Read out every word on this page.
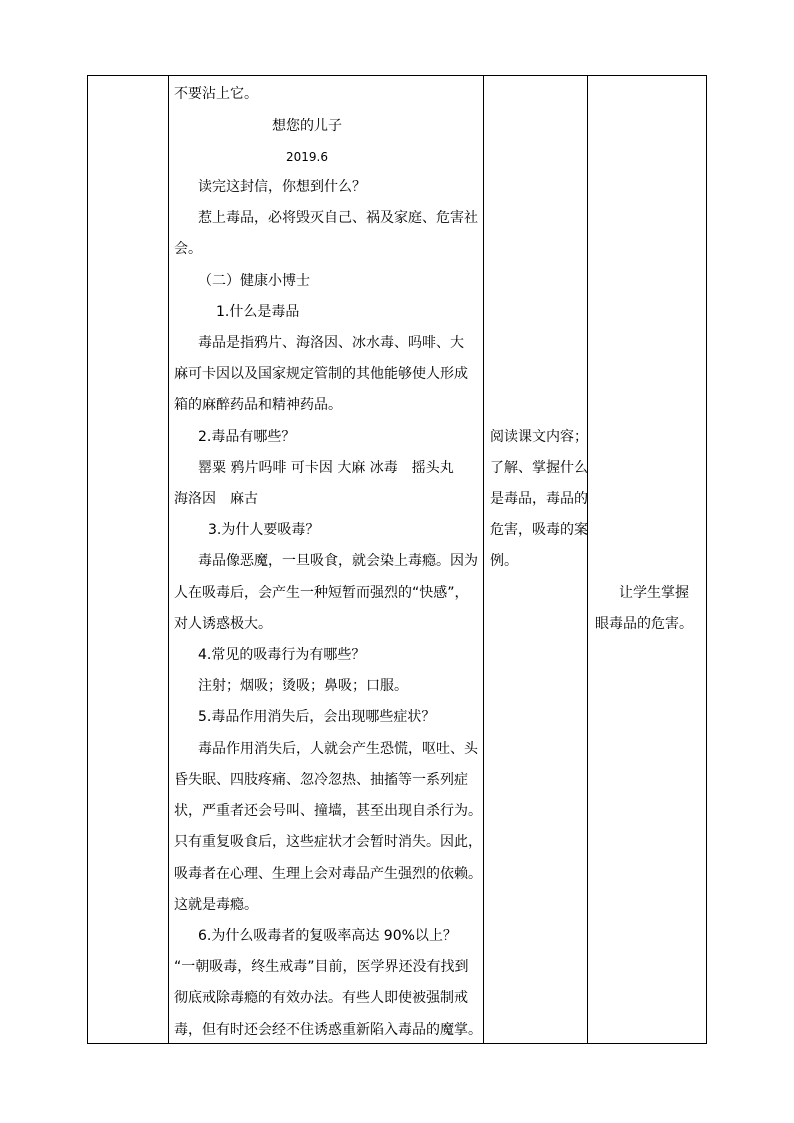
不要沾上它。

想您的儿子

2019.6

读完这封信，你想到什么？

惹上毒品，必将毁灭自己、祸及家庭、危害社

会。

（二）健康小博士

1.什么是毒品

毒品是指鸦片、海洛因、冰水毒、吗啡、大

麻可卡因以及国家规定管制的其他能够使人形成

箱的麻醉药品和精神药品。

2.毒品有哪些？

罂粟 鸦片吗啡 可卡因 大麻 冰毒　摇头丸

海洛因　麻古

3.为什人要吸毒？

毒品像恶魔，一旦吸食，就会染上毒瘾。因为

人在吸毒后，会产生一种短暂而强烈的“快感”，

对人诱惑极大。

4.常见的吸毒行为有哪些？

注射；烟吸；烫吸；鼻吸；口服。

5.毒品作用消失后，会出现哪些症状？

毒品作用消失后，人就会产生恐慌，呕吐、头

昏失眠、四肢疼痛、忽冷忽热、抽搐等一系列症

状，严重者还会号叫、撞墙，甚至出现自杀行为。

只有重复吸食后，这些症状才会暂时消失。因此，

吸毒者在心理、生理上会对毒品产生强烈的依赖。

这就是毒瘾。

6.为什么吸毒者的复吸率高达 90%以上？

“一朝吸毒，终生戒毒”目前，医学界还没有找到

彻底戒除毒瘾的有效办法。有些人即使被强制戒

毒，但有时还会经不住诱惑重新陷入毒品的魔掌。

阅读课文内容；

了解、掌握什么

是毒品，毒品的

危害，吸毒的案

例。

让学生掌握

眼毒品的危害。
